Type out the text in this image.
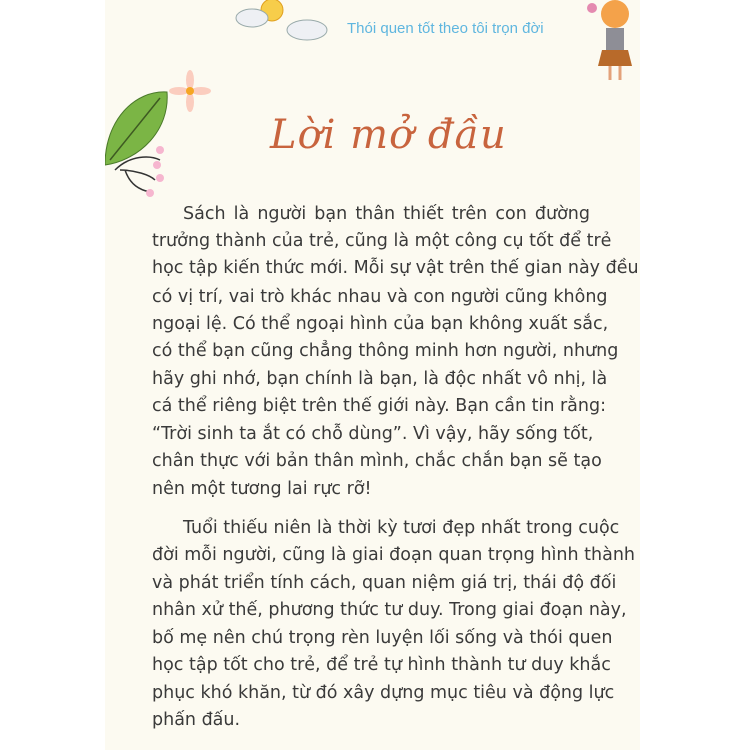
Thói quen tốt theo tôi trọn đời
Lời mở đầu
Sách là người bạn thân thiết trên con đường
trưởng thành của trẻ, cũng là một công cụ tốt để trẻ
học tập kiến thức mới. Mỗi sự vật trên thế gian này đều
có vị trí, vai trò khác nhau và con người cũng không
ngoại lệ. Có thể ngoại hình của bạn không xuất sắc,
có thể bạn cũng chẳng thông minh hơn người, nhưng
hãy ghi nhớ, bạn chính là bạn, là độc nhất vô nhị, là
cá thể riêng biệt trên thế giới này. Bạn cần tin rằng:
“Trời sinh ta ắt có chỗ dùng”. Vì vậy, hãy sống tốt,
chân thực với bản thân mình, chắc chắn bạn sẽ tạo
nên một tương lai rực rỡ!
Tuổi thiếu niên là thời kỳ tươi đẹp nhất trong cuộc
đời mỗi người, cũng là giai đoạn quan trọng hình thành
và phát triển tính cách, quan niệm giá trị, thái độ đối
nhân xử thế, phương thức tư duy. Trong giai đoạn này,
bố mẹ nên chú trọng rèn luyện lối sống và thói quen
học tập tốt cho trẻ, để trẻ tự hình thành tư duy khắc
phục khó khăn, từ đó xây dựng mục tiêu và động lực
phấn đấu.
